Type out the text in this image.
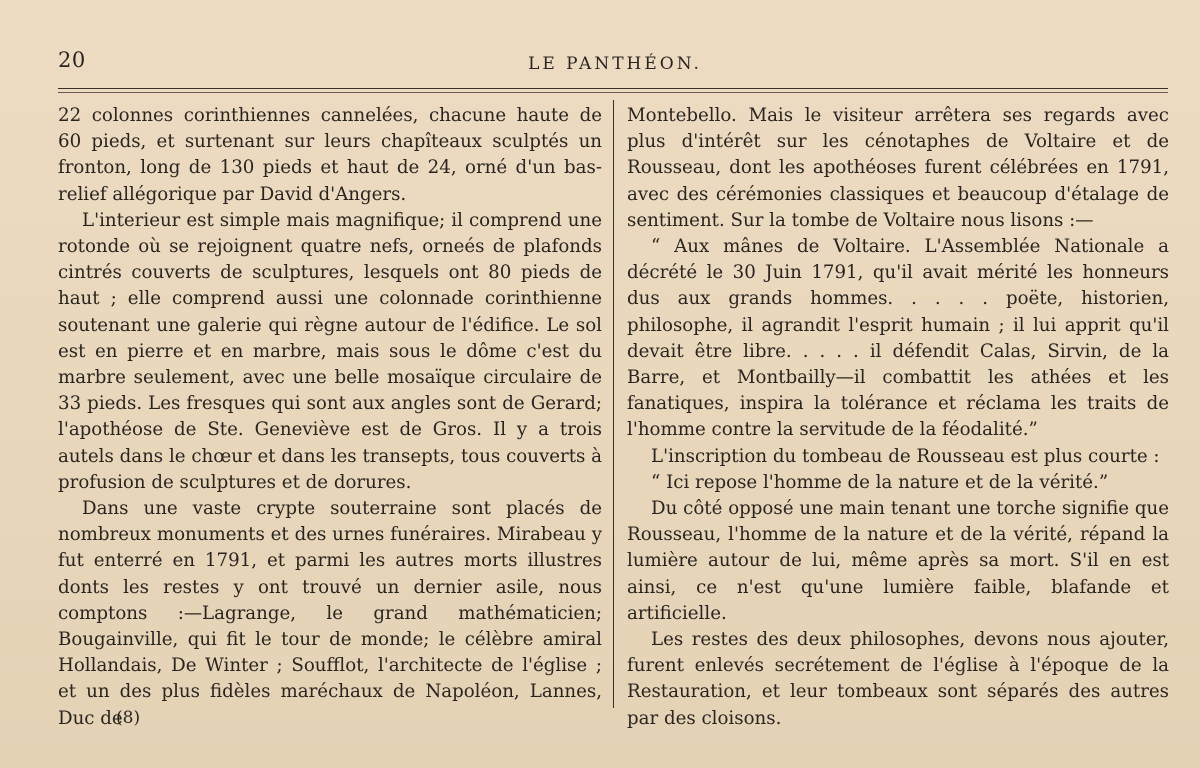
20	LE PANTHÉON.

22 colonnes corinthiennes cannelées, chacune haute de 60 pieds, et surtenant sur leurs chapîteaux sculptés un fronton, long de 130 pieds et haut de 24, orné d'un bas-relief allégorique par David d'Angers.

L'interieur est simple mais magnifique; il comprend une rotonde où se rejoignent quatre nefs, orneés de plafonds cintrés couverts de sculptures, lesquels ont 80 pieds de haut ; elle comprend aussi une colonnade corinthienne soutenant une galerie qui règne autour de l'édifice. Le sol est en pierre et en marbre, mais sous le dôme c'est du marbre seulement, avec une belle mosaïque circulaire de 33 pieds. Les fresques qui sont aux angles sont de Gerard; l'apothéose de Ste. Geneviève est de Gros. Il y a trois autels dans le chœur et dans les transepts, tous couverts à profusion de sculptures et de dorures.

Dans une vaste crypte souterraine sont placés de nombreux monuments et des urnes funéraires. Mirabeau y fut enterré en 1791, et parmi les autres morts illustres donts les restes y ont trouvé un dernier asile, nous comptons :—Lagrange, le grand mathématicien; Bougainville, qui fit le tour de monde; le célèbre amiral Hollandais, De Winter ; Soufflot, l'architecte de l'église ; et un des plus fidèles maréchaux de Napoléon, Lannes, Duc de

Montebello. Mais le visiteur arrêtera ses regards avec plus d'intérêt sur les cénotaphes de Voltaire et de Rousseau, dont les apothéoses furent célébrées en 1791, avec des cérémonies classiques et beaucoup d'étalage de sentiment. Sur la tombe de Voltaire nous lisons :—

“ Aux mânes de Voltaire. L'Assemblée Nationale a décrété le 30 Juin 1791, qu'il avait mérité les honneurs dus aux grands hommes. . . . . poëte, historien, philosophe, il agrandit l'esprit humain ; il lui apprit qu'il devait être libre. . . . . il défendit Calas, Sirvin, de la Barre, et Montbailly—il combattit les athées et les fanatiques, inspira la tolérance et réclama les traits de l'homme contre la servitude de la féodalité.”

L'inscription du tombeau de Rousseau est plus courte :

“ Ici repose l'homme de la nature et de la vérité.”

Du côté opposé une main tenant une torche signifie que Rousseau, l'homme de la nature et de la vérité, répand la lumière autour de lui, même après sa mort. S'il en est ainsi, ce n'est qu'une lumière faible, blafande et artificielle.

Les restes des deux philosophes, devons nous ajouter, furent enlevés secrétement de l'église à l'époque de la Restauration, et leur tombeaux sont séparés des autres par des cloisons.

(8)
